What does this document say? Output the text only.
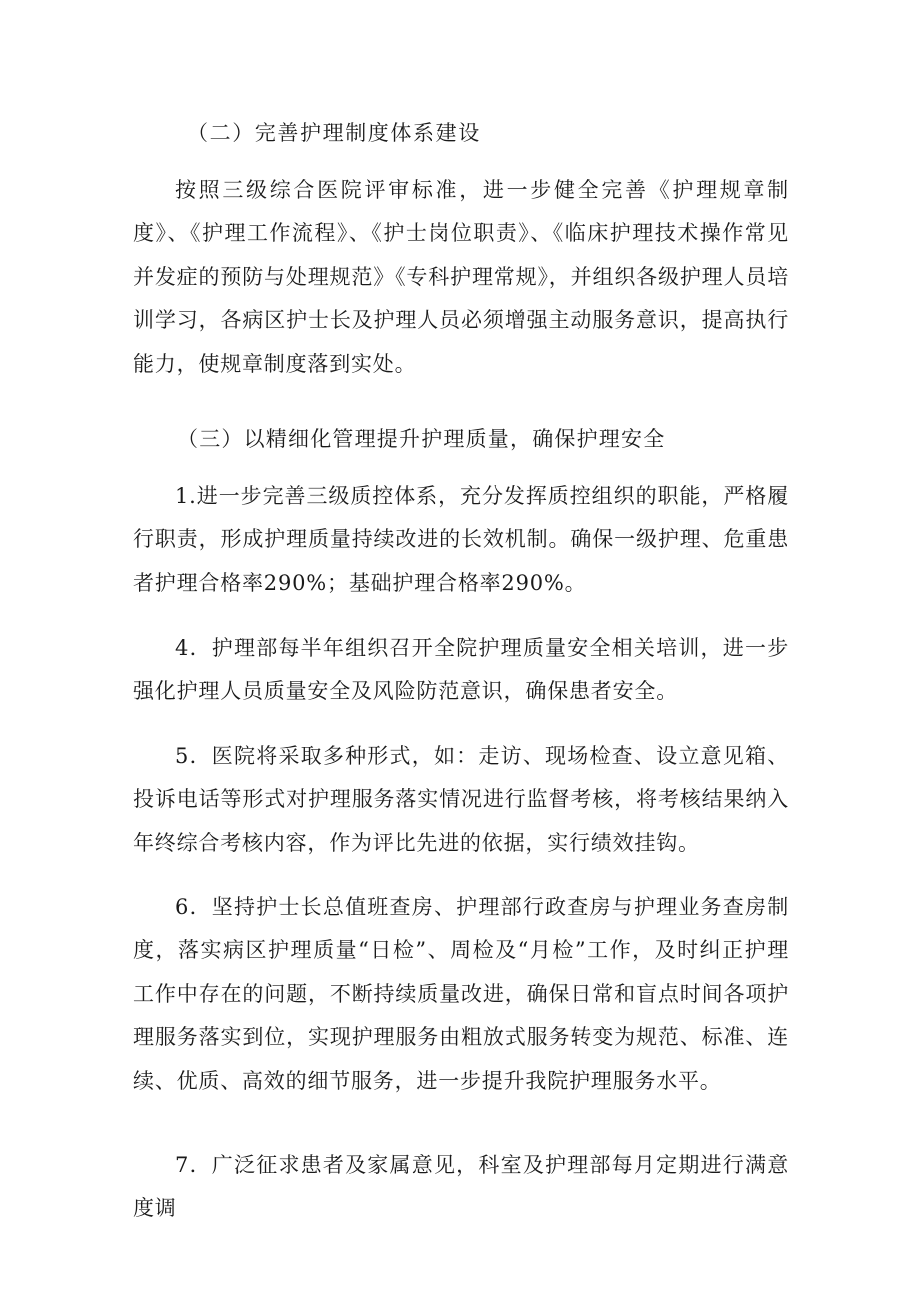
（二）完善护理制度体系建设

按照三级综合医院评审标准，进一步健全完善《护理规章制度》、《护理工作流程》、《护士岗位职责》、《临床护理技术操作常见并发症的预防与处理规范》《专科护理常规》，并组织各级护理人员培训学习，各病区护士长及护理人员必须增强主动服务意识，提高执行能力，使规章制度落到实处。

（三）以精细化管理提升护理质量，确保护理安全

1.进一步完善三级质控体系，充分发挥质控组织的职能，严格履行职责，形成护理质量持续改进的长效机制。确保一级护理、危重患者护理合格率290%；基础护理合格率290%。

4．护理部每半年组织召开全院护理质量安全相关培训，进一步强化护理人员质量安全及风险防范意识，确保患者安全。

5．医院将采取多种形式，如：走访、现场检查、设立意见箱、投诉电话等形式对护理服务落实情况进行监督考核，将考核结果纳入年终综合考核内容，作为评比先进的依据，实行绩效挂钩。

6．坚持护士长总值班查房、护理部行政查房与护理业务查房制度，落实病区护理质量“日检”、周检及“月检”工作，及时纠正护理工作中存在的问题，不断持续质量改进，确保日常和盲点时间各项护理服务落实到位，实现护理服务由粗放式服务转变为规范、标准、连续、优质、高效的细节服务，进一步提升我院护理服务水平。

7．广泛征求患者及家属意见，科室及护理部每月定期进行满意度调
